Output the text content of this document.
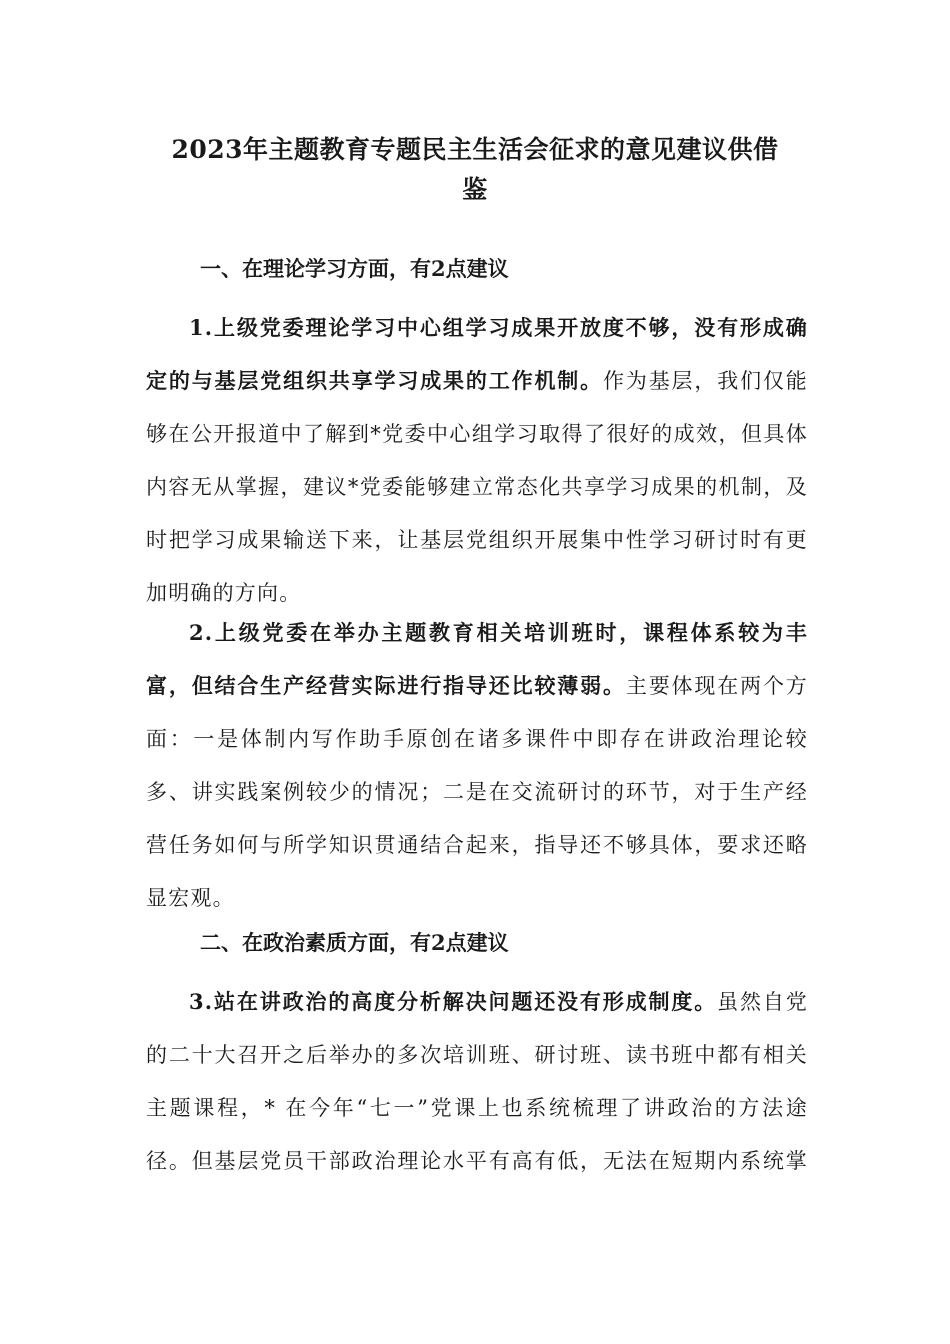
2023年主题教育专题民主生活会征求的意见建议供借
鉴
一、在理论学习方面，有2点建议
1.上级党委理论学习中心组学习成果开放度不够，没有形成确
定的与基层党组织共享学习成果的工作机制。作为基层，我们仅能
够在公开报道中了解到*党委中心组学习取得了很好的成效，但具体
内容无从掌握，建议*党委能够建立常态化共享学习成果的机制，及
时把学习成果输送下来，让基层党组织开展集中性学习研讨时有更
加明确的方向。
2.上级党委在举办主题教育相关培训班时，课程体系较为丰
富，但结合生产经营实际进行指导还比较薄弱。主要体现在两个方
面：一是体制内写作助手原创在诸多课件中即存在讲政治理论较
多、讲实践案例较少的情况；二是在交流研讨的环节，对于生产经
营任务如何与所学知识贯通结合起来，指导还不够具体，要求还略
显宏观。
二、在政治素质方面，有2点建议
3.站在讲政治的高度分析解决问题还没有形成制度。虽然自党
的二十大召开之后举办的多次培训班、研讨班、读书班中都有相关
主题课程，* 在今年“七一”党课上也系统梳理了讲政治的方法途
径。但基层党员干部政治理论水平有高有低，无法在短期内系统掌
